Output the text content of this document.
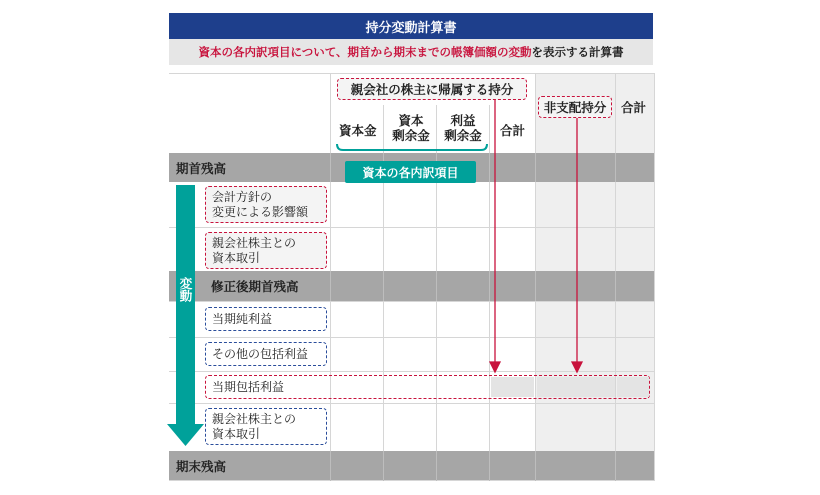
持分変動計算書
資本の各内訳項目について、期首から期末までの帳簿価額の変動 を表示する計算書
親会社の株主に帰属する持分
資本金
資本
剰余金
利益
剰余金 合計
非支配持分 合計
資本の各内訳項目
期首残高
変動
会計方針の
変更による影響額
親会社株主との
資本取引
修正後期首残高
当期純利益
その他の包括利益
当期包括利益
親会社株主との
資本取引
期末残高
